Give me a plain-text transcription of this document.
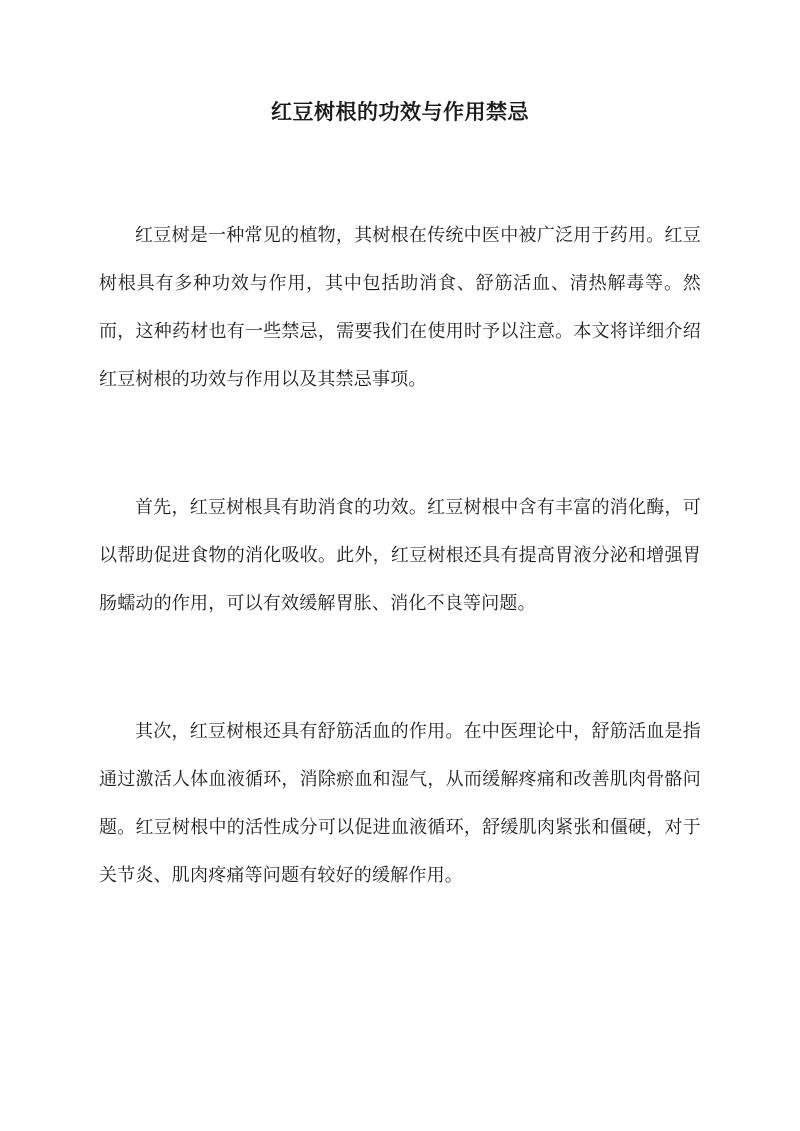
红豆树根的功效与作用禁忌

红豆树是一种常见的植物，其树根在传统中医中被广泛用于药用。红豆树根具有多种功效与作用，其中包括助消食、舒筋活血、清热解毒等。然而，这种药材也有一些禁忌，需要我们在使用时予以注意。本文将详细介绍红豆树根的功效与作用以及其禁忌事项。

首先，红豆树根具有助消食的功效。红豆树根中含有丰富的消化酶，可以帮助促进食物的消化吸收。此外，红豆树根还具有提高胃液分泌和增强胃肠蠕动的作用，可以有效缓解胃胀、消化不良等问题。

其次，红豆树根还具有舒筋活血的作用。在中医理论中，舒筋活血是指通过激活人体血液循环，消除瘀血和湿气，从而缓解疼痛和改善肌肉骨骼问题。红豆树根中的活性成分可以促进血液循环，舒缓肌肉紧张和僵硬，对于关节炎、肌肉疼痛等问题有较好的缓解作用。
